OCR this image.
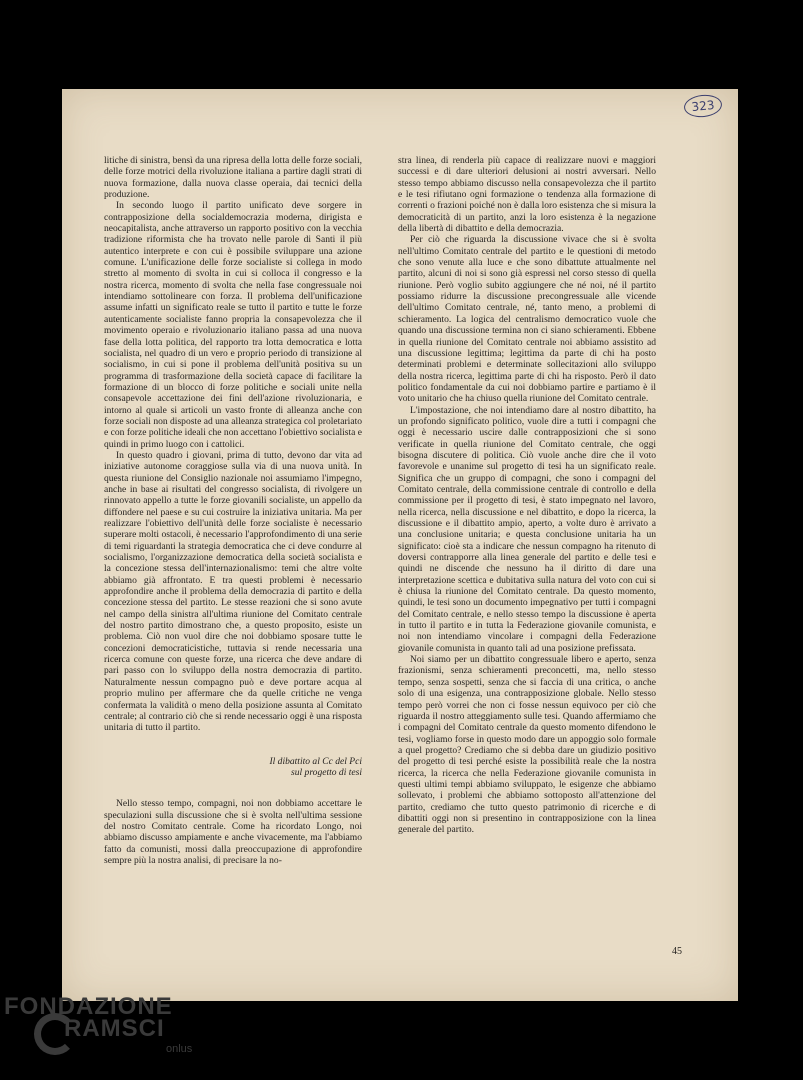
323

litiche di sinistra, bensì da una ripresa della lotta delle forze sociali, delle forze motrici della rivoluzione italiana a partire dagli strati di nuova formazione, dalla nuova classe operaia, dai tecnici della produzione.

In secondo luogo il partito unificato deve sorgere in contrapposizione della socialdemocrazia moderna, dirigista e neocapitalista, anche attraverso un rapporto positivo con la vecchia tradizione riformista che ha trovato nelle parole di Santi il più autentico interprete e con cui è possibile sviluppare una azione comune. L'unificazione delle forze socialiste si collega in modo stretto al momento di svolta in cui si colloca il congresso e la nostra ricerca, momento di svolta che nella fase congressuale noi intendiamo sottolineare con forza. Il problema dell'unificazione assume infatti un significato reale se tutto il partito e tutte le forze autenticamente socialiste fanno propria la consapevolezza che il movimento operaio e rivoluzionario italiano passa ad una nuova fase della lotta politica, del rapporto tra lotta democratica e lotta socialista, nel quadro di un vero e proprio periodo di transizione al socialismo, in cui si pone il problema dell'unità positiva su un programma di trasformazione della società capace di facilitare la formazione di un blocco di forze politiche e sociali unite nella consapevole accettazione dei fini dell'azione rivoluzionaria, e intorno al quale si articoli un vasto fronte di alleanza anche con forze sociali non disposte ad una alleanza strategica col proletariato e con forze politiche ideali che non accettano l'obiettivo socialista e quindi in primo luogo con i cattolici.

In questo quadro i giovani, prima di tutto, devono dar vita ad iniziative autonome coraggiose sulla via di una nuova unità. In questa riunione del Consiglio nazionale noi assumiamo l'impegno, anche in base ai risultati del congresso socialista, di rivolgere un rinnovato appello a tutte le forze giovanili socialiste, un appello da diffondere nel paese e su cui costruire la iniziativa unitaria. Ma per realizzare l'obiettivo dell'unità delle forze socialiste è necessario superare molti ostacoli, è necessario l'approfondimento di una serie di temi riguardanti la strategia democratica che ci deve condurre al socialismo, l'organizzazione democratica della società socialista e la concezione stessa dell'internazionalismo: temi che altre volte abbiamo già affrontato. E tra questi problemi è necessario approfondire anche il problema della democrazia di partito e della concezione stessa del partito. Le stesse reazioni che si sono avute nel campo della sinistra all'ultima riunione del Comitato centrale del nostro partito dimostrano che, a questo proposito, esiste un problema. Ciò non vuol dire che noi dobbiamo sposare tutte le concezioni democraticistiche, tuttavia si rende necessaria una ricerca comune con queste forze, una ricerca che deve andare di pari passo con lo sviluppo della nostra democrazia di partito. Naturalmente nessun compagno può e deve portare acqua al proprio mulino per affermare che da quelle critiche ne venga confermata la validità o meno della posizione assunta al Comitato centrale; al contrario ciò che si rende necessario oggi è una risposta unitaria di tutto il partito.

Il dibattito al Cc del Pci
sul progetto di tesi

Nello stesso tempo, compagni, noi non dobbiamo accettare le speculazioni sulla discussione che si è svolta nell'ultima sessione del nostro Comitato centrale. Come ha ricordato Longo, noi abbiamo discusso ampiamente e anche vivacemente, ma l'abbiamo fatto da comunisti, mossi dalla preoccupazione di approfondire sempre più la nostra analisi, di precisare la no-

stra linea, di renderla più capace di realizzare nuovi e maggiori successi e di dare ulteriori delusioni ai nostri avversari. Nello stesso tempo abbiamo discusso nella consapevolezza che il partito e le tesi rifiutano ogni formazione o tendenza alla formazione di correnti o frazioni poiché non è dalla loro esistenza che si misura la democraticità di un partito, anzi la loro esistenza è la negazione della libertà di dibattito e della democrazia.

Per ciò che riguarda la discussione vivace che si è svolta nell'ultimo Comitato centrale del partito e le questioni di metodo che sono venute alla luce e che sono dibattute attualmente nel partito, alcuni di noi si sono già espressi nel corso stesso di quella riunione. Però voglio subito aggiungere che né noi, né il partito possiamo ridurre la discussione precongressuale alle vicende dell'ultimo Comitato centrale, né, tanto meno, a problemi di schieramento. La logica del centralismo democratico vuole che quando una discussione termina non ci siano schieramenti. Ebbene in quella riunione del Comitato centrale noi abbiamo assistito ad una discussione legittima; legittima da parte di chi ha posto determinati problemi e determinate sollecitazioni allo sviluppo della nostra ricerca, legittima parte di chi ha risposto. Però il dato politico fondamentale da cui noi dobbiamo partire e partiamo è il voto unitario che ha chiuso quella riunione del Comitato centrale.

L'impostazione, che noi intendiamo dare al nostro dibattito, ha un profondo significato politico, vuole dire a tutti i compagni che oggi è necessario uscire dalle contrapposizioni che si sono verificate in quella riunione del Comitato centrale, che oggi bisogna discutere di politica. Ciò vuole anche dire che il voto favorevole e unanime sul progetto di tesi ha un significato reale. Significa che un gruppo di compagni, che sono i compagni del Comitato centrale, della commissione centrale di controllo e della commissione per il progetto di tesi, è stato impegnato nel lavoro, nella ricerca, nella discussione e nel dibattito, e dopo la ricerca, la discussione e il dibattito ampio, aperto, a volte duro è arrivato a una conclusione unitaria; e questa conclusione unitaria ha un significato: cioè sta a indicare che nessun compagno ha ritenuto di doversi contrapporre alla linea generale del partito e delle tesi e quindi ne discende che nessuno ha il diritto di dare una interpretazione scettica e dubitativa sulla natura del voto con cui si è chiusa la riunione del Comitato centrale. Da questo momento, quindi, le tesi sono un documento impegnativo per tutti i compagni del Comitato centrale, e nello stesso tempo la discussione è aperta in tutto il partito e in tutta la Federazione giovanile comunista, e noi non intendiamo vincolare i compagni della Federazione giovanile comunista in quanto tali ad una posizione prefissata.

Noi siamo per un dibattito congressuale libero e aperto, senza frazionismi, senza schieramenti preconcetti, ma, nello stesso tempo, senza sospetti, senza che si faccia di una critica, o anche solo di una esigenza, una contrapposizione globale. Nello stesso tempo però vorrei che non ci fosse nessun equivoco per ciò che riguarda il nostro atteggiamento sulle tesi. Quando affermiamo che i compagni del Comitato centrale da questo momento difendono le tesi, vogliamo forse in questo modo dare un appoggio solo formale a quel progetto? Crediamo che si debba dare un giudizio positivo del progetto di tesi perché esiste la possibilità reale che la nostra ricerca, la ricerca che nella Federazione giovanile comunista in questi ultimi tempi abbiamo sviluppato, le esigenze che abbiamo sollevato, i problemi che abbiamo sottoposto all'attenzione del partito, crediamo che tutto questo patrimonio di ricerche e di dibattiti oggi non si presentino in contrapposizione con la linea generale del partito.

45
FONDAZIONE
RAMSCI
onlus
